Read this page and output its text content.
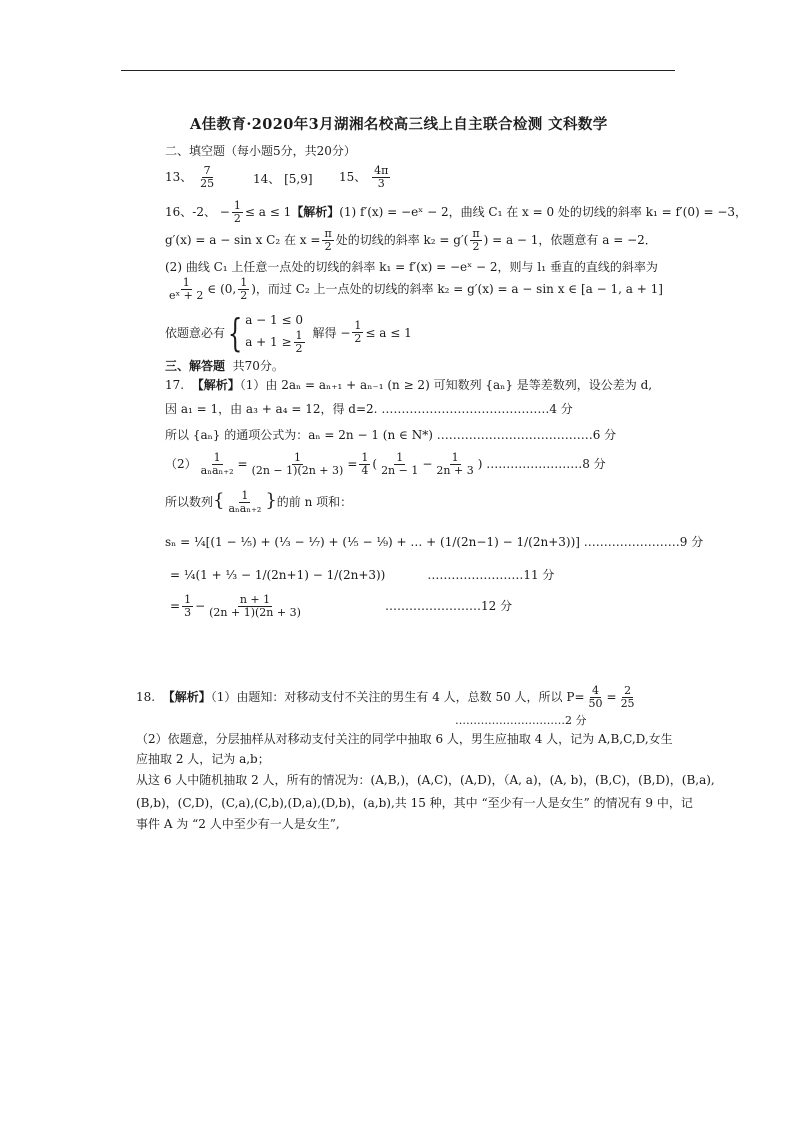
A佳教育·2020年3月湖湘名校高三线上自主联合检测 文科数学
二、填空题（每小题5分，共20分）
13、 $\frac{7}{25}$	14、 [5,9] 15、 $\frac{4\pi}{3}$
16、-2、 − $\frac{1}{2} \le a \le 1$【解析】(1) f′(x) = −eˣ − 2，曲线 C₁ 在 x = 0 处的切线的斜率 k₁ = f′(0) = −3，
g′(x) = a − sin x C₂ 在 $x = \frac{\pi}{2}$ 处的切线的斜率 $k_2 = g'( \frac{\pi}{2}$ ) = a − 1，依题意有 a = −2．
(2) 曲线 C₁ 上任意一点处的切线的斜率 k₁ = f′(x) = −eˣ − 2，则与 l₁ 垂直的直线的斜率为
$\frac{1}{\text{eˣ + 2}}$ ∈ (0, $\frac{1}{2}$ )，而过 C₂ 上一点处的切线的斜率 k₂ = g′(x) = a − sin x ∈ [a − 1, a + 1]
依题意必有 { a − 1 ≤ 0
$a + 1 \ge \frac{1}{2}$ 解得 − $\frac{1}{2} \le a \le 1$
三、解答题 共70分。
17. 【解析】（1）由 2aₙ = aₙ₊₁ + aₙ₋₁ (n ≥ 2) 可知数列 {aₙ} 是等差数列，设公差为 d,
因 a₁ = 1，由 a₃ + a₄ = 12，得 d=2. ……………………………………4 分
所以 {aₙ} 的通项公式为：aₙ = 2n − 1 (n ∈ N*) …………………………………6 分
$(2) \frac{1}{\text{aₙaₙ₊₂}} = \frac{1}{(2n - 1)(2n + 3)} = \frac{1}{4}$ ( $\frac{1}{2n - 1} - \frac{1}{2n + 3}$ ) ……………………8 分
所以数列{ $\frac{1}{\text{aₙaₙ₊₂}}$ }的前 n 项和：
sₙ = ¼[(1 − ⅕) + (⅓ − ⅐) + (⅕ − ⅑) + … + (1/(2n−1) − 1/(2n+3))] ……………………9 分
= ¼(1 + ⅓ − 1/(2n+1) − 1/(2n+3))	……………………11 分
= $\frac{1}{3} - \frac{n + 1}{(2n + 1)(2n + 3)}$	……………………12 分
18. 【解析】（1）由题知：对移动支付不关注的男生有 4 人，总数 50 人，所以 $P= \frac{4}{50} = \frac{2}{25}$
…………………………2 分
（2）依题意，分层抽样从对移动支付关注的同学中抽取 6 人，男生应抽取 4 人，记为 A,B,C,D,女生
应抽取 2 人，记为 a,b；
从这 6 人中随机抽取 2 人，所有的情况为：(A,B,)，(A,C)，(A,D)，（A, a)，(A, b)，(B,C)，(B,D)，(B,a),
(B,b)，(C,D)，(C,a),(C,b),(D,a),(D,b)，(a,b),共 15 种，其中 “至少有一人是女生” 的情况有 9 中，记
事件 A 为 “2 人中至少有一人是女生”,
